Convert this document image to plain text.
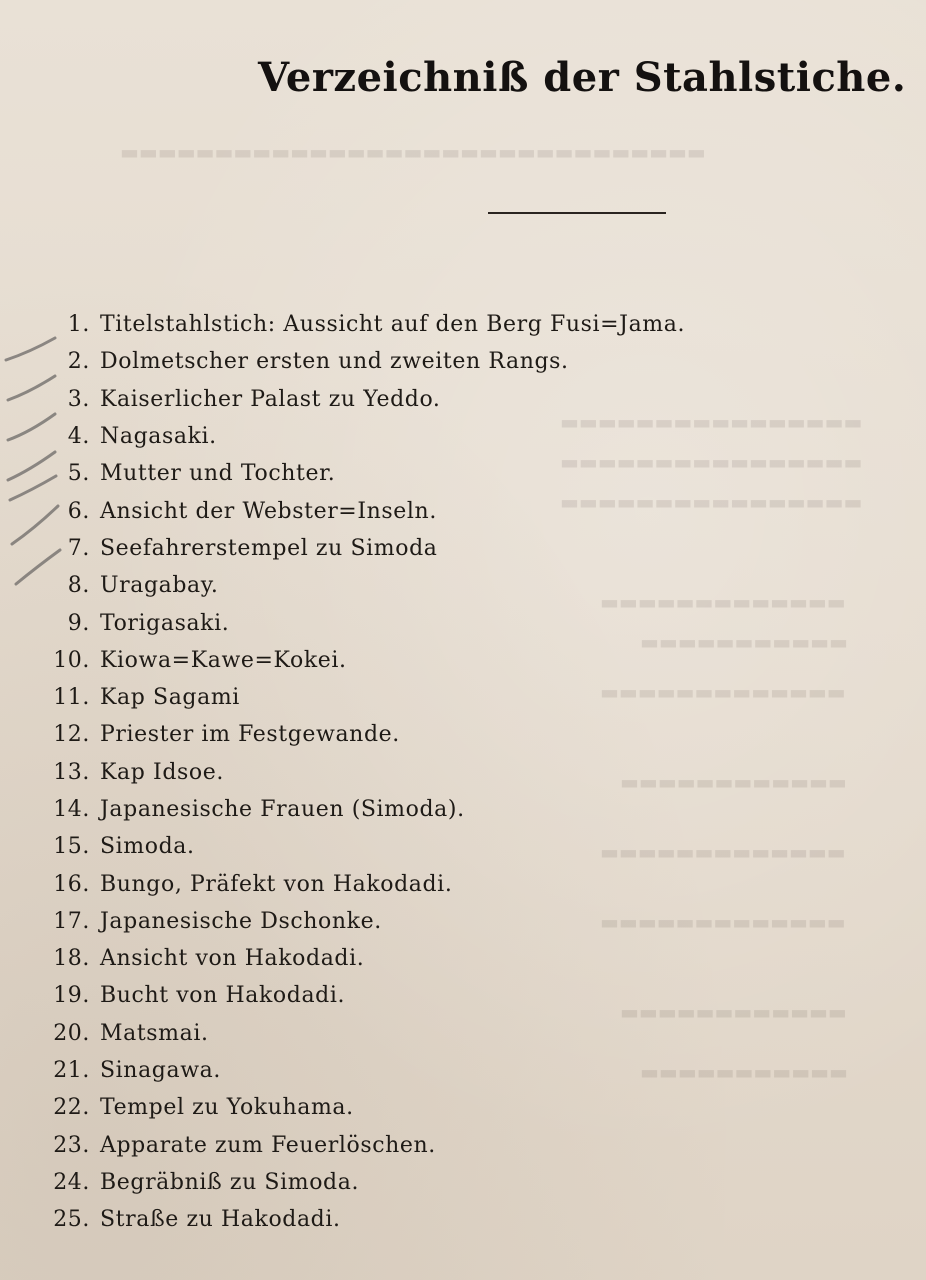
▬▬▬▬▬▬▬▬▬▬▬▬▬▬▬▬▬▬▬▬▬▬▬▬▬▬▬▬▬▬▬
▬▬▬▬▬▬▬▬▬▬▬▬▬▬▬▬
▬▬▬▬▬▬▬▬▬▬▬▬▬▬▬▬
▬▬▬▬▬▬▬▬▬▬▬▬▬▬▬▬
▬▬▬▬▬▬▬▬▬▬▬▬▬
▬▬▬▬▬▬▬▬▬▬▬
▬▬▬▬▬▬▬▬▬▬▬▬▬
▬▬▬▬▬▬▬▬▬▬▬▬
▬▬▬▬▬▬▬▬▬▬▬▬▬
▬▬▬▬▬▬▬▬▬▬▬▬▬
▬▬▬▬▬▬▬▬▬▬▬▬
▬▬▬▬▬▬▬▬▬▬▬
Verzeichniß der Stahlstiche.
1. Titelstahlstich: Aussicht auf den Berg Fusi=Jama.
2. Dolmetscher ersten und zweiten Rangs.
3. Kaiserlicher Palast zu Yeddo.
4. Nagasaki.
5. Mutter und Tochter.
6. Ansicht der Webster=Inseln.
7. Seefahrerstempel zu Simoda
8. Uragabay.
9. Torigasaki.
10. Kiowa=Kawe=Kokei.
11. Kap Sagami
12. Priester im Festgewande.
13. Kap Idsoe.
14. Japanesische Frauen (Simoda).
15. Simoda.
16. Bungo, Präfekt von Hakodadi.
17. Japanesische Dschonke.
18. Ansicht von Hakodadi.
19. Bucht von Hakodadi.
20. Matsmai.
21. Sinagawa.
22. Tempel zu Yokuhama.
23. Apparate zum Feuerlöschen.
24. Begräbniß zu Simoda.
25. Straße zu Hakodadi.
